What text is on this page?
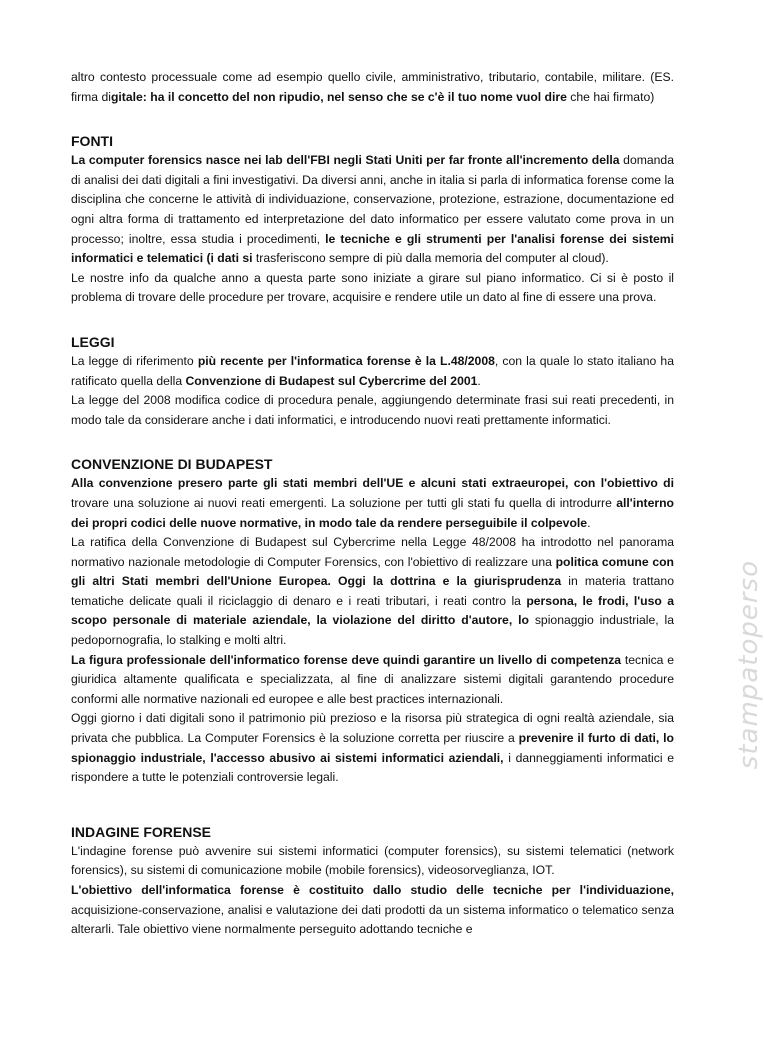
stampatoperso

altro contesto processuale come ad esempio quello civile, amministrativo, tributario, contabile, militare. (ES. firma digitale: ha il concetto del non ripudio, nel senso che se c'è il tuo nome vuol dire che hai firmato)

FONTI

La computer forensics nasce nei lab dell'FBI negli Stati Uniti per far fronte all'incremento della domanda di analisi dei dati digitali a fini investigativi. Da diversi anni, anche in italia si parla di informatica forense come la disciplina che concerne le attività di individuazione, conservazione, protezione, estrazione, documentazione ed ogni altra forma di trattamento ed interpretazione del dato informatico per essere valutato come prova in un processo; inoltre, essa studia i procedimenti, le tecniche e gli strumenti per l'analisi forense dei sistemi informatici e telematici (i dati si trasferiscono sempre di più dalla memoria del computer al cloud).

Le nostre info da qualche anno a questa parte sono iniziate a girare sul piano informatico. Ci si è posto il problema di trovare delle procedure per trovare, acquisire e rendere utile un dato al fine di essere una prova.

LEGGI

La legge di riferimento più recente per l'informatica forense è la L.48/2008, con la quale lo stato italiano ha ratificato quella della Convenzione di Budapest sul Cybercrime del 2001.

La legge del 2008 modifica codice di procedura penale, aggiungendo determinate frasi sui reati precedenti, in modo tale da considerare anche i dati informatici, e introducendo nuovi reati prettamente informatici.

CONVENZIONE DI BUDAPEST

Alla convenzione presero parte gli stati membri dell'UE e alcuni stati extraeuropei, con l'obiettivo di trovare una soluzione ai nuovi reati emergenti. La soluzione per tutti gli stati fu quella di introdurre all'interno dei propri codici delle nuove normative, in modo tale da rendere perseguibile il colpevole.

La ratifica della Convenzione di Budapest sul Cybercrime nella Legge 48/2008 ha introdotto nel panorama normativo nazionale metodologie di Computer Forensics, con l'obiettivo di realizzare una politica comune con gli altri Stati membri dell'Unione Europea. Oggi la dottrina e la giurisprudenza in materia trattano tematiche delicate quali il riciclaggio di denaro e i reati tributari, i reati contro la persona, le frodi, l'uso a scopo personale di materiale aziendale, la violazione del diritto d'autore, lo spionaggio industriale, la pedopornografia, lo stalking e molti altri.

La figura professionale dell'informatico forense deve quindi garantire un livello di competenza tecnica e giuridica altamente qualificata e specializzata, al fine di analizzare sistemi digitali garantendo procedure conformi alle normative nazionali ed europee e alle best practices internazionali.

Oggi giorno i dati digitali sono il patrimonio più prezioso e la risorsa più strategica di ogni realtà aziendale, sia privata che pubblica. La Computer Forensics è la soluzione corretta per riuscire a prevenire il furto di dati, lo spionaggio industriale, l'accesso abusivo ai sistemi informatici aziendali, i danneggiamenti informatici e rispondere a tutte le potenziali controversie legali.

INDAGINE FORENSE

L'indagine forense può avvenire sui sistemi informatici (computer forensics), su sistemi telematici (network forensics), su sistemi di comunicazione mobile (mobile forensics), videosorveglianza, IOT.

L'obiettivo dell'informatica forense è costituito dallo studio delle tecniche per l'individuazione, acquisizione-conservazione, analisi e valutazione dei dati prodotti da un sistema informatico o telematico senza alterarli. Tale obiettivo viene normalmente perseguito adottando tecniche e
